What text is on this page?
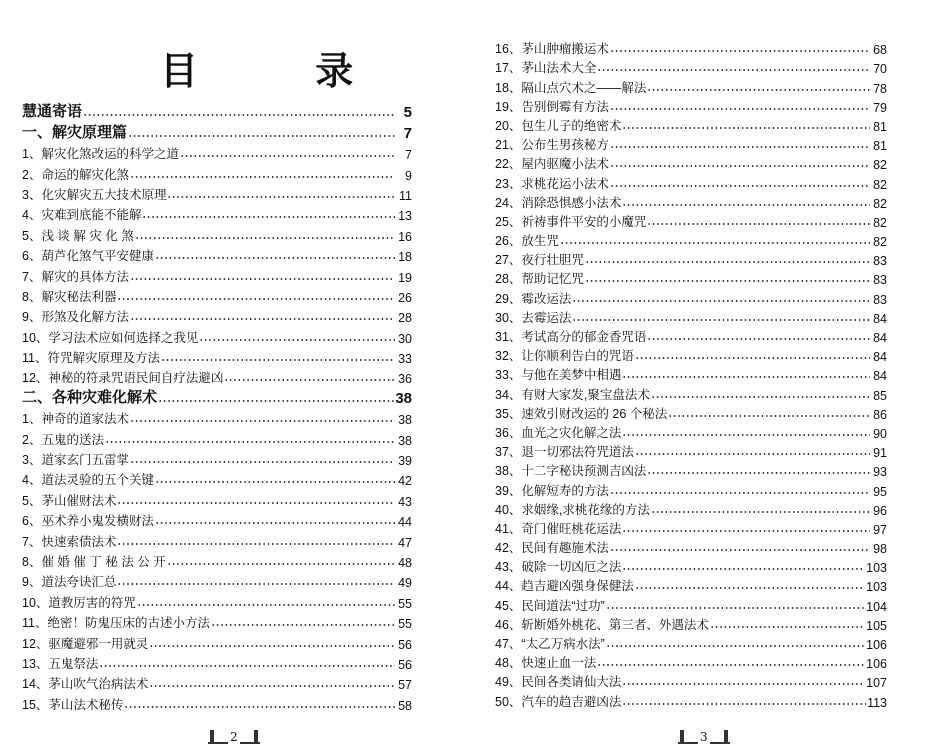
目 录
慧通寄语	5
一、解灾原理篇	7
1、解灾化煞改运的科学之道	7
2、命运的解灾化煞	9
3、化灾解灾五大技术原理	11
4、灾难到底能不能解	13
5、浅 谈 解 灾 化 煞	16
6、葫芦化煞气平安健康	18
7、解灾的具体方法	19
8、解灾秘法利器	26
9、形煞及化解方法	28
10、学习法术应如何选择之我见	30
11、符咒解灾原理及方法	33
12、神秘的符录咒语民间自疗法避凶	36
二、各种灾难化解术	38
1、神奇的道家法术	38
2、五鬼的送法	38
3、道家玄门五雷掌	39
4、道法灵验的五个关键	42
5、茅山催财法术	43
6、巫术养小鬼发横财法	44
7、快速索债法术	47
8、催 婚 催 丁 秘 法 公 开	48
9、道法夸诀汇总	49
10、道教厉害的符咒	55
11、绝密！防鬼压床的古述小方法	55
12、驱魔避邪一用就灵	56
13、五鬼祭法	56
14、茅山吹气治病法术	57
15、茅山法术秘传	58
2
16、茅山肿瘤搬运术	68
17、茅山法术大全	70
18、隔山点穴术之——解法	78
19、告别倒霉有方法	79
20、包生儿子的绝密术	81
21、公布生男孩秘方	81
22、屋内驱魔小法术	82
23、求桃花运小法术	82
24、消除恐惧感小法术	82
25、祈祷事件平安的小魔咒	82
26、放生咒	82
27、夜行壮胆咒	83
28、帮助记忆咒	83
29、霉改运法	83
30、去霉运法	84
31、考试高分的郁金香咒语	84
32、让你顺利告白的咒语	84
33、与他在美梦中相遇	84
34、有财大家发,聚宝盘法术	85
35、速效引财改运的 26 个秘法	86
36、血光之灾化解之法	90
37、退一切邪法符咒道法	91
38、十二字秘诀预测吉凶法	93
39、化解短寿的方法	95
40、求姻缘,求桃花缘的方法	96
41、奇门催旺桃花运法	97
42、民间有趣施术法	98
43、破除一切凶厄之法	103
44、趋吉避凶强身保健法	103
45、民间道法“过功”	104
46、斩断婚外桃花、第三者、外遇法术	105
47、“太乙万病水法”	106
48、快速止血一法	106
49、民间各类请仙大法	107
50、汽车的趋吉避凶法	113
3
